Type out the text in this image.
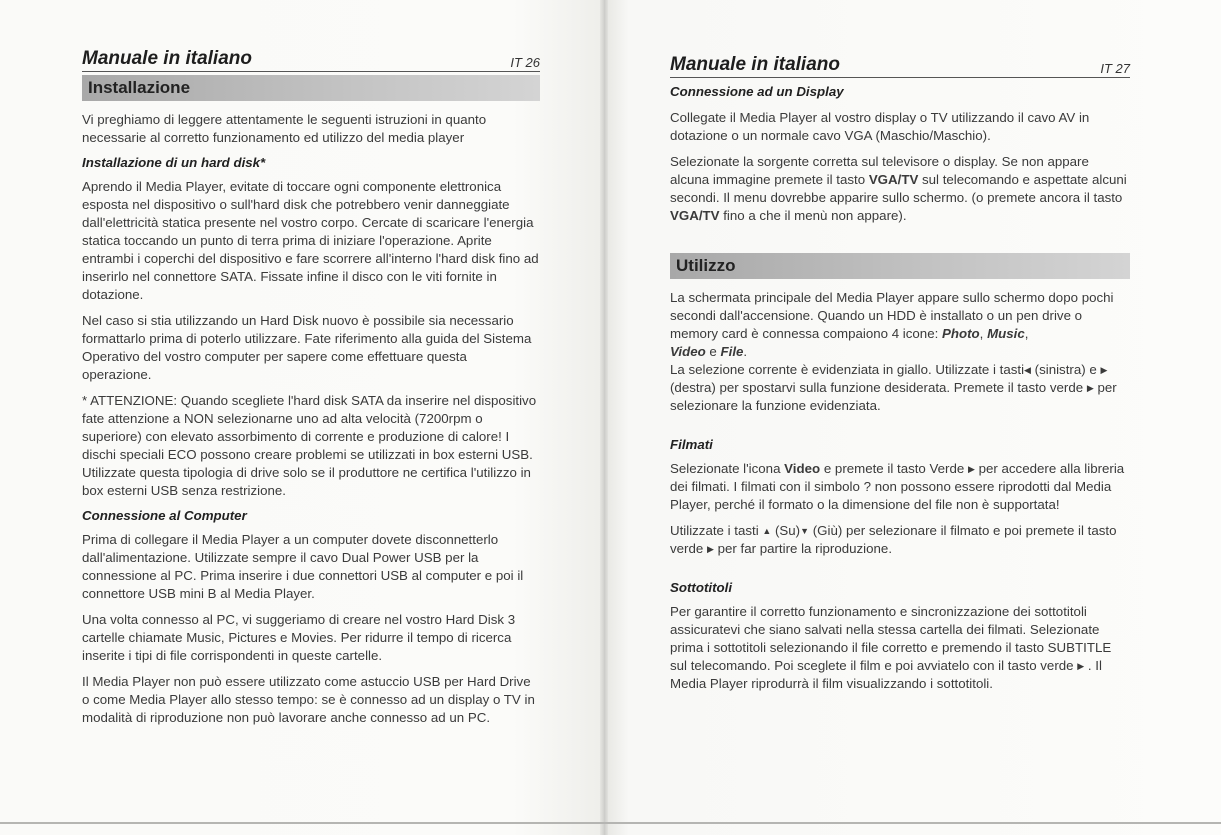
Manuale in italiano	IT 26
Installazione

Vi preghiamo di leggere attentamente le seguenti istruzioni in quanto necessarie al corretto funzionamento ed utilizzo del media player

Installazione di un hard disk*

Aprendo il Media Player, evitate di toccare ogni componente elettronica esposta nel dispositivo o sull'hard disk che potrebbero venir danneggiate dall'elettricità statica presente nel vostro corpo. Cercate di scaricare l'energia statica toccando un punto di terra prima di iniziare l'operazione. Aprite entrambi i coperchi del dispositivo e fare scorrere all'interno l'hard disk fino ad inserirlo nel connettore SATA. Fissate infine il disco con le viti fornite in dotazione.

Nel caso si stia utilizzando un Hard Disk nuovo è possibile sia necessario formattarlo prima di poterlo utilizzare. Fate riferimento alla guida del Sistema Operativo del vostro computer per sapere come effettuare questa operazione.

* ATTENZIONE: Quando scegliete l'hard disk SATA da inserire nel dispositivo fate attenzione a NON selezionarne uno ad alta velocità (7200rpm o superiore) con elevato assorbimento di corrente e produzione di calore! I dischi speciali ECO possono creare problemi se utilizzati in box esterni USB. Utilizzate questa tipologia di drive solo se il produttore ne certifica l'utilizzo in box esterni USB senza restrizione.

Connessione al Computer

Prima di collegare il Media Player a un computer dovete disconnetterlo dall'alimentazione. Utilizzate sempre il cavo Dual Power USB per la connessione al PC. Prima inserire i due connettori USB al computer e poi il connettore USB mini B al Media Player.

Una volta connesso al PC, vi suggeriamo di creare nel vostro Hard Disk 3 cartelle chiamate Music, Pictures e Movies. Per ridurre il tempo di ricerca inserite i tipi di file corrispondenti in queste cartelle.

Il Media Player non può essere utilizzato come astuccio USB per Hard Drive o come Media Player allo stesso tempo: se è connesso ad un display o TV in modalità di riproduzione non può lavorare anche connesso ad un PC.

Manuale in italiano	IT 27
Connessione ad un Display

Collegate il Media Player al vostro display o TV utilizzando il cavo AV in dotazione o un normale cavo VGA (Maschio/Maschio).

Selezionate la sorgente corretta sul televisore o display. Se non appare alcuna immagine premete il tasto VGA/TV sul telecomando e aspettate alcuni secondi. Il menu dovrebbe apparire sullo schermo. (o premete ancora il tasto VGA/TV fino a che il menù non appare).

Utilizzo

La schermata principale del Media Player appare sullo schermo dopo pochi secondi dall'accensione. Quando un HDD è installato o un pen drive o memory card è connessa compaiono 4 icone: Photo, Music,
Video e File.
La selezione corrente è evidenziata in giallo. Utilizzate i tasti◀ (sinistra) e ▶ (destra) per spostarvi sulla funzione desiderata. Premete il tasto verde ▶ per selezionare la funzione evidenziata.

Filmati

Selezionate l'icona Video e premete il tasto Verde ▶ per accedere alla libreria dei filmati. I filmati con il simbolo ? non possono essere riprodotti dal Media Player, perché il formato o la dimensione del file non è supportata!

Utilizzate i tasti ▲ (Su)▼ (Giù) per selezionare il filmato e poi premete il tasto verde ▶ per far partire la riproduzione.

Sottotitoli

Per garantire il corretto funzionamento e sincronizzazione dei sottotitoli assicuratevi che siano salvati nella stessa cartella dei filmati. Selezionate prima i sottotitoli selezionando il file corretto e premendo il tasto SUBTITLE sul telecomando. Poi sceglete il film e poi avviatelo con il tasto verde ▶ . Il Media Player riprodurrà il film visualizzando i sottotitoli.
